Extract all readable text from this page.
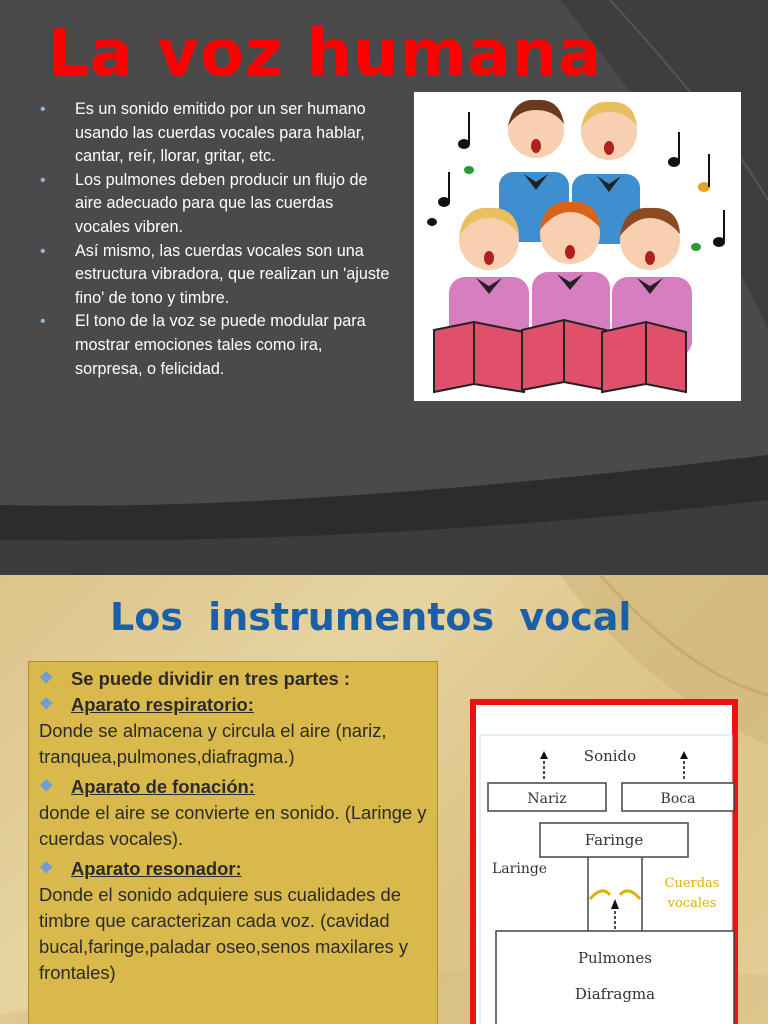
La voz humana
• Es un sonido emitido por un ser humano usando las cuerdas vocales para hablar, cantar, reír, llorar, gritar, etc.
• Los pulmones deben producir un flujo de aire adecuado para que las cuerdas vocales vibren.
• Así mismo, las cuerdas vocales son una estructura vibradora, que realizan un 'ajuste fino' de tono y timbre.
• El tono de la voz se puede modular para mostrar emociones tales como ira, sorpresa, o felicidad.
Los instrumentos vocal

❖ Se puede dividir en tres partes :

❖ Aparato respiratorio:

Donde se almacena y circula el aire (nariz, tranquea,pulmones,diafragma.)

❖ Aparato de fonación:

donde el aire se convierte en sonido. (Laringe y cuerdas vocales).

❖ Aparato resonador:

Donde el sonido adquiere sus cualidades de timbre que caracterizan cada voz. (cavidad bucal,faringe,paladar oseo,senos maxilares y frontales)

Sonido
Nariz	Boca
Faringe
Laringe
Cuerdas
vocales
Pulmones
Diafragma
